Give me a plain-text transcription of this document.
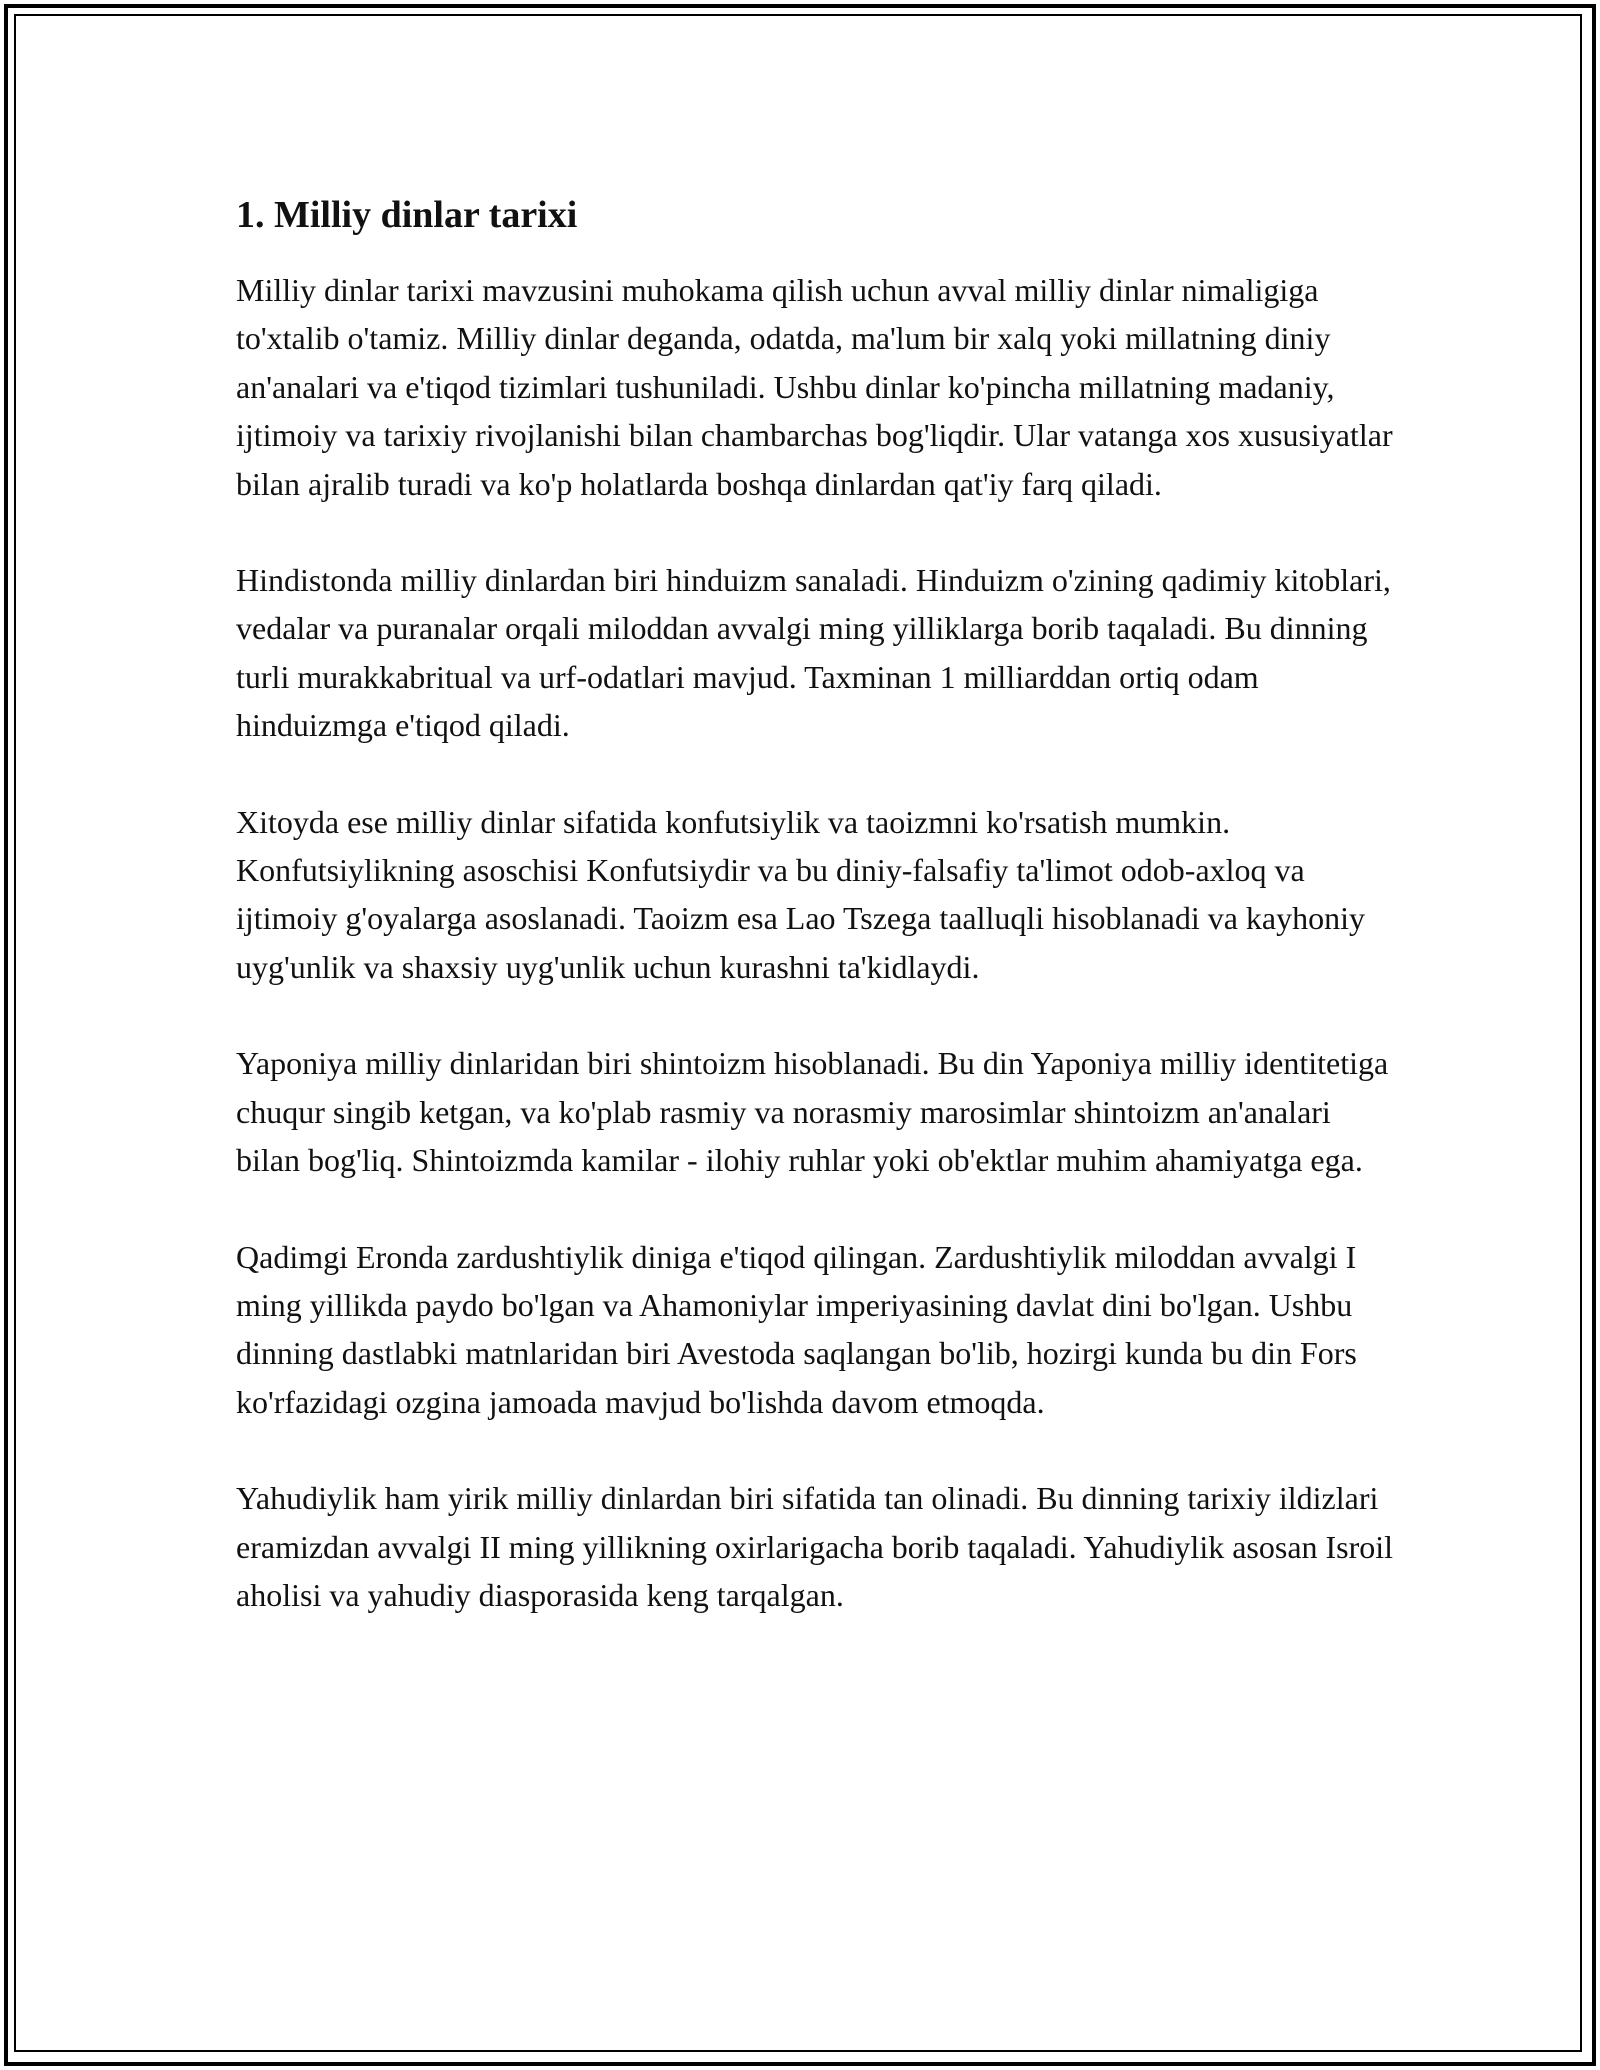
1. Milliy dinlar tarixi

Milliy dinlar tarixi mavzusini muhokama qilish uchun avval milliy dinlar nimaligiga to'xtalib o'tamiz. Milliy dinlar deganda, odatda, ma'lum bir xalq yoki millatning diniy an'analari va e'tiqod tizimlari tushuniladi. Ushbu dinlar ko'pincha millatning madaniy, ijtimoiy va tarixiy rivojlanishi bilan chambarchas bog'liqdir. Ular vatanga xos xususiyatlar bilan ajralib turadi va ko'p holatlarda boshqa dinlardan qat'iy farq qiladi.

Hindistonda milliy dinlardan biri hinduizm sanaladi. Hinduizm o'zining qadimiy kitoblari, vedalar va puranalar orqali miloddan avvalgi ming yilliklarga borib taqaladi. Bu dinning turli murakkabritual va urf-odatlari mavjud. Taxminan 1 milliarddan ortiq odam hinduizmga e'tiqod qiladi.

Xitoyda ese milliy dinlar sifatida konfutsiylik va taoizmni ko'rsatish mumkin. Konfutsiylikning asoschisi Konfutsiydir va bu diniy-falsafiy ta'limot odob-axloq va ijtimoiy g'oyalarga asoslanadi. Taoizm esa Lao Tszega taalluqli hisoblanadi va kayhoniy uyg'unlik va shaxsiy uyg'unlik uchun kurashni ta'kidlaydi.

Yaponiya milliy dinlaridan biri shintoizm hisoblanadi. Bu din Yaponiya milliy identitetiga chuqur singib ketgan, va ko'plab rasmiy va norasmiy marosimlar shintoizm an'analari bilan bog'liq. Shintoizmda kamilar - ilohiy ruhlar yoki ob'ektlar muhim ahamiyatga ega.

Qadimgi Eronda zardushtiylik diniga e'tiqod qilingan. Zardushtiylik miloddan avvalgi I ming yillikda paydo bo'lgan va Ahamoniylar imperiyasining davlat dini bo'lgan. Ushbu dinning dastlabki matnlaridan biri Avestoda saqlangan bo'lib, hozirgi kunda bu din Fors ko'rfazidagi ozgina jamoada mavjud bo'lishda davom etmoqda.

Yahudiylik ham yirik milliy dinlardan biri sifatida tan olinadi. Bu dinning tarixiy ildizlari eramizdan avvalgi II ming yillikning oxirlarigacha borib taqaladi. Yahudiylik asosan Isroil aholisi va yahudiy diasporasida keng tarqalgan.
